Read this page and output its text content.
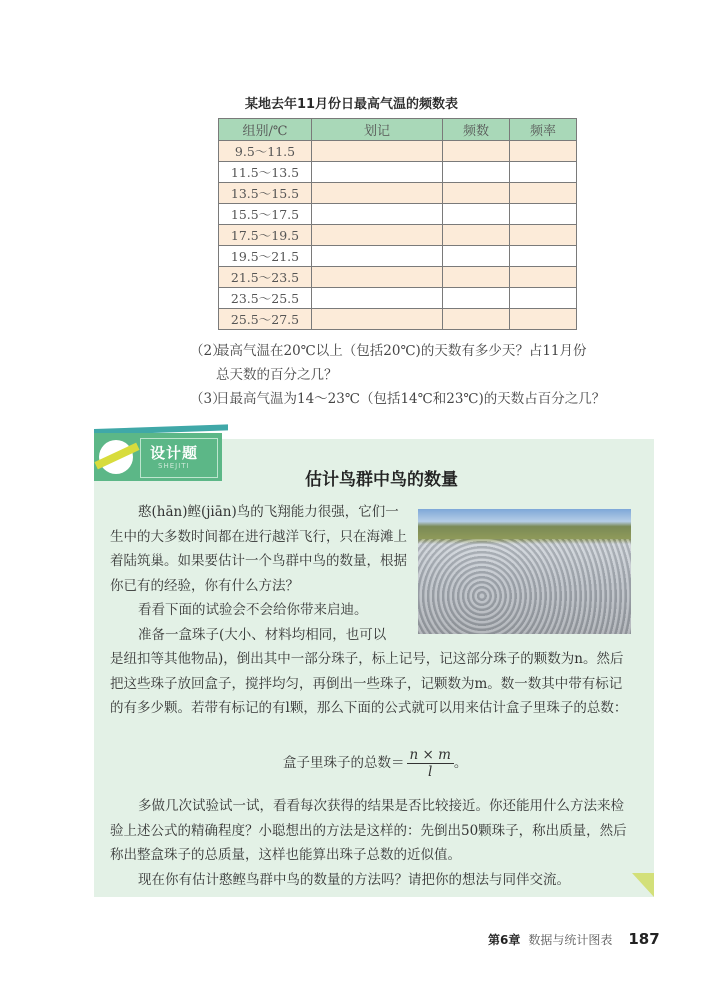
某地去年11月份日最高气温的频数表
组别/℃	划记	频数	频率
9.5～11.5			
11.5～13.5			
13.5～15.5			
15.5～17.5			
17.5～19.5			
19.5～21.5			
21.5～23.5			
23.5～25.5			
25.5～27.5			
（2）最高气温在20℃以上（包括20℃)的天数有多少天？占11月份
总天数的百分之几？
（3）日最高气温为14～23℃（包括14℃和23℃)的天数占百分之几？
设计题
SHEJITI
估计鸟群中鸟的数量
憨(hān)鲣(jiān)鸟的飞翔能力很强，它们一生中的大多数时间都在进行越洋飞行，只在海滩上着陆筑巢。如果要估计一个鸟群中鸟的数量，根据你已有的经验，你有什么方法？
看看下面的试验会不会给你带来启迪。
准备一盒珠子(大小、材料均相同，也可以
是纽扣等其他物品)，倒出其中一部分珠子，标上记号，记这部分珠子的颗数为n。然后把这些珠子放回盒子，搅拌均匀，再倒出一些珠子，记颗数为m。数一数其中带有标记的有多少颗。若带有标记的有l颗，那么下面的公式就可以用来估计盒子里珠子的总数：
盒子里珠子的总数＝ $\frac{n \times m}{l}$ 。
多做几次试验试一试，看看每次获得的结果是否比较接近。你还能用什么方法来检验上述公式的精确程度？小聪想出的方法是这样的：先倒出50颗珠子，称出质量，然后称出整盒珠子的总质量，这样也能算出珠子总数的近似值。
现在你有估计憨鲣鸟群中鸟的数量的方法吗？请把你的想法与同伴交流。
第6章 数据与统计图表 187
